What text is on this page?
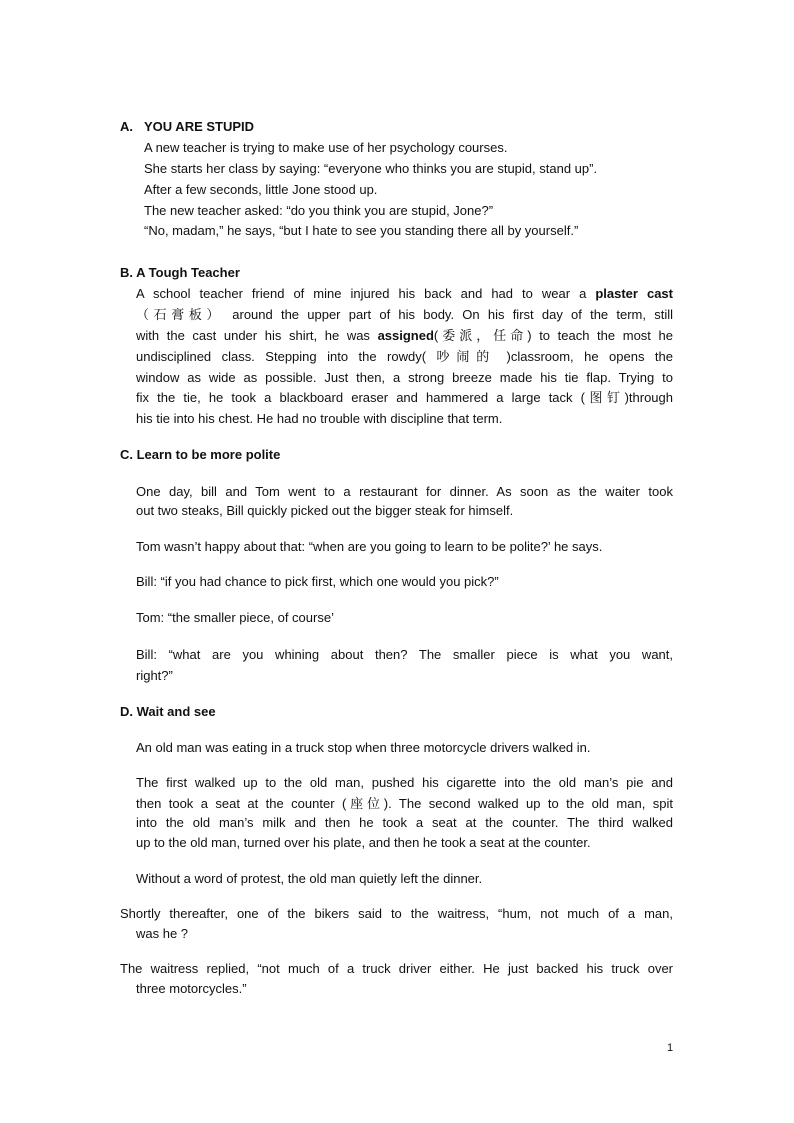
A. YOU ARE STUPID
A new teacher is trying to make use of her psychology courses.
She starts her class by saying: “everyone who thinks you are stupid, stand up”.
After a few seconds, little Jone stood up.
The new teacher asked: “do you think you are stupid, Jone?”
“No, madam,” he says, “but I hate to see you standing there all by yourself.”
B. A Tough Teacher
A school teacher friend of mine injured his back and had to wear a plaster cast
（石膏板） around the upper part of his body. On his first day of the term, still
with the cast under his shirt, he was assigned(委派，任命) to teach the most he
undisciplined class. Stepping into the rowdy( 吵闹的 )classroom, he opens the
window as wide as possible. Just then, a strong breeze made his tie flap. Trying to
fix the tie, he took a blackboard eraser and hammered a large tack (图钉)through
his tie into his chest. He had no trouble with discipline that term.
C. Learn to be more polite
One day, bill and Tom went to a restaurant for dinner. As soon as the waiter took
out two steaks, Bill quickly picked out the bigger steak for himself.
Tom wasn’t happy about that: “when are you going to learn to be polite?’ he says.
Bill: “if you had chance to pick first, which one would you pick?”
Tom: “the smaller piece, of course’
Bill: “what are you whining about then? The smaller piece is what you want,
right?”
D. Wait and see
An old man was eating in a truck stop when three motorcycle drivers walked in.
The first walked up to the old man, pushed his cigarette into the old man’s pie and
then took a seat at the counter (座位). The second walked up to the old man, spit
into the old man’s milk and then he took a seat at the counter. The third walked
up to the old man, turned over his plate, and then he took a seat at the counter.
Without a word of protest, the old man quietly left the dinner.
Shortly thereafter, one of the bikers said to the waitress, “hum, not much of a man,
was he ?
The waitress replied, “not much of a truck driver either. He just backed his truck over
three motorcycles.”
1
